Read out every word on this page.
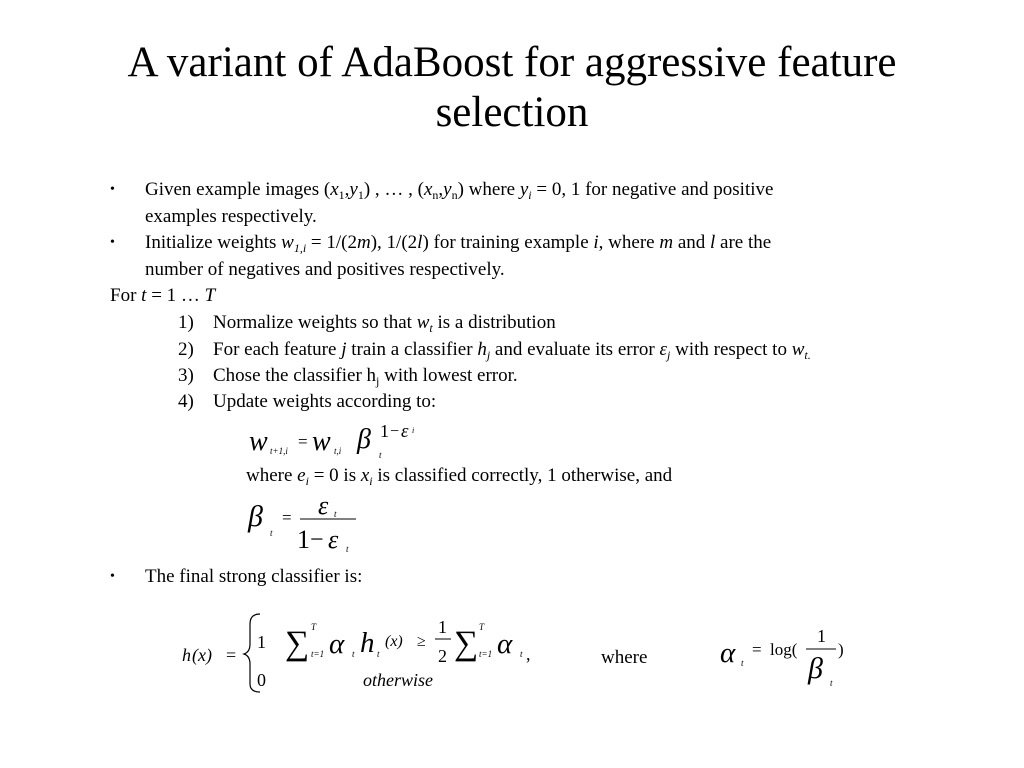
A variant of AdaBoost for aggressive feature selection
•	Given example images $(x_1,y_1)$ , … , $(x_n,y_n)$ where $y_i = 0$, 1 for negative and positive
examples respectively.
•	Initialize weights $w_{1,i} = 1/(2m)$, 1/(2l) for training example i, where m and l are the
number of negatives and positives respectively.
For t = 1 … T
1)	Normalize weights so that $w_t$ is a distribution
2)	For each feature j train a classifier $h_j$ and evaluate its error $\varepsilon_j$ with respect to $w_{t.}$
3)	Chose the classifier $h_j$ with lowest error.
4)	Update weights according to:
w t+1,i = w t,i β t
1 − ε i
where $e_i = 0$ is $x_i$ is classified correctly, 1 otherwise, and
β t
= ε t
1 − ε t
•	The final strong classifier is:
h (x) =
1 ∑ T
t=1 α t h t
(x) ≥
1
2 ∑ T
t=1 α t ,
0	otherwise
where	α t
= log(
1
β t
)
